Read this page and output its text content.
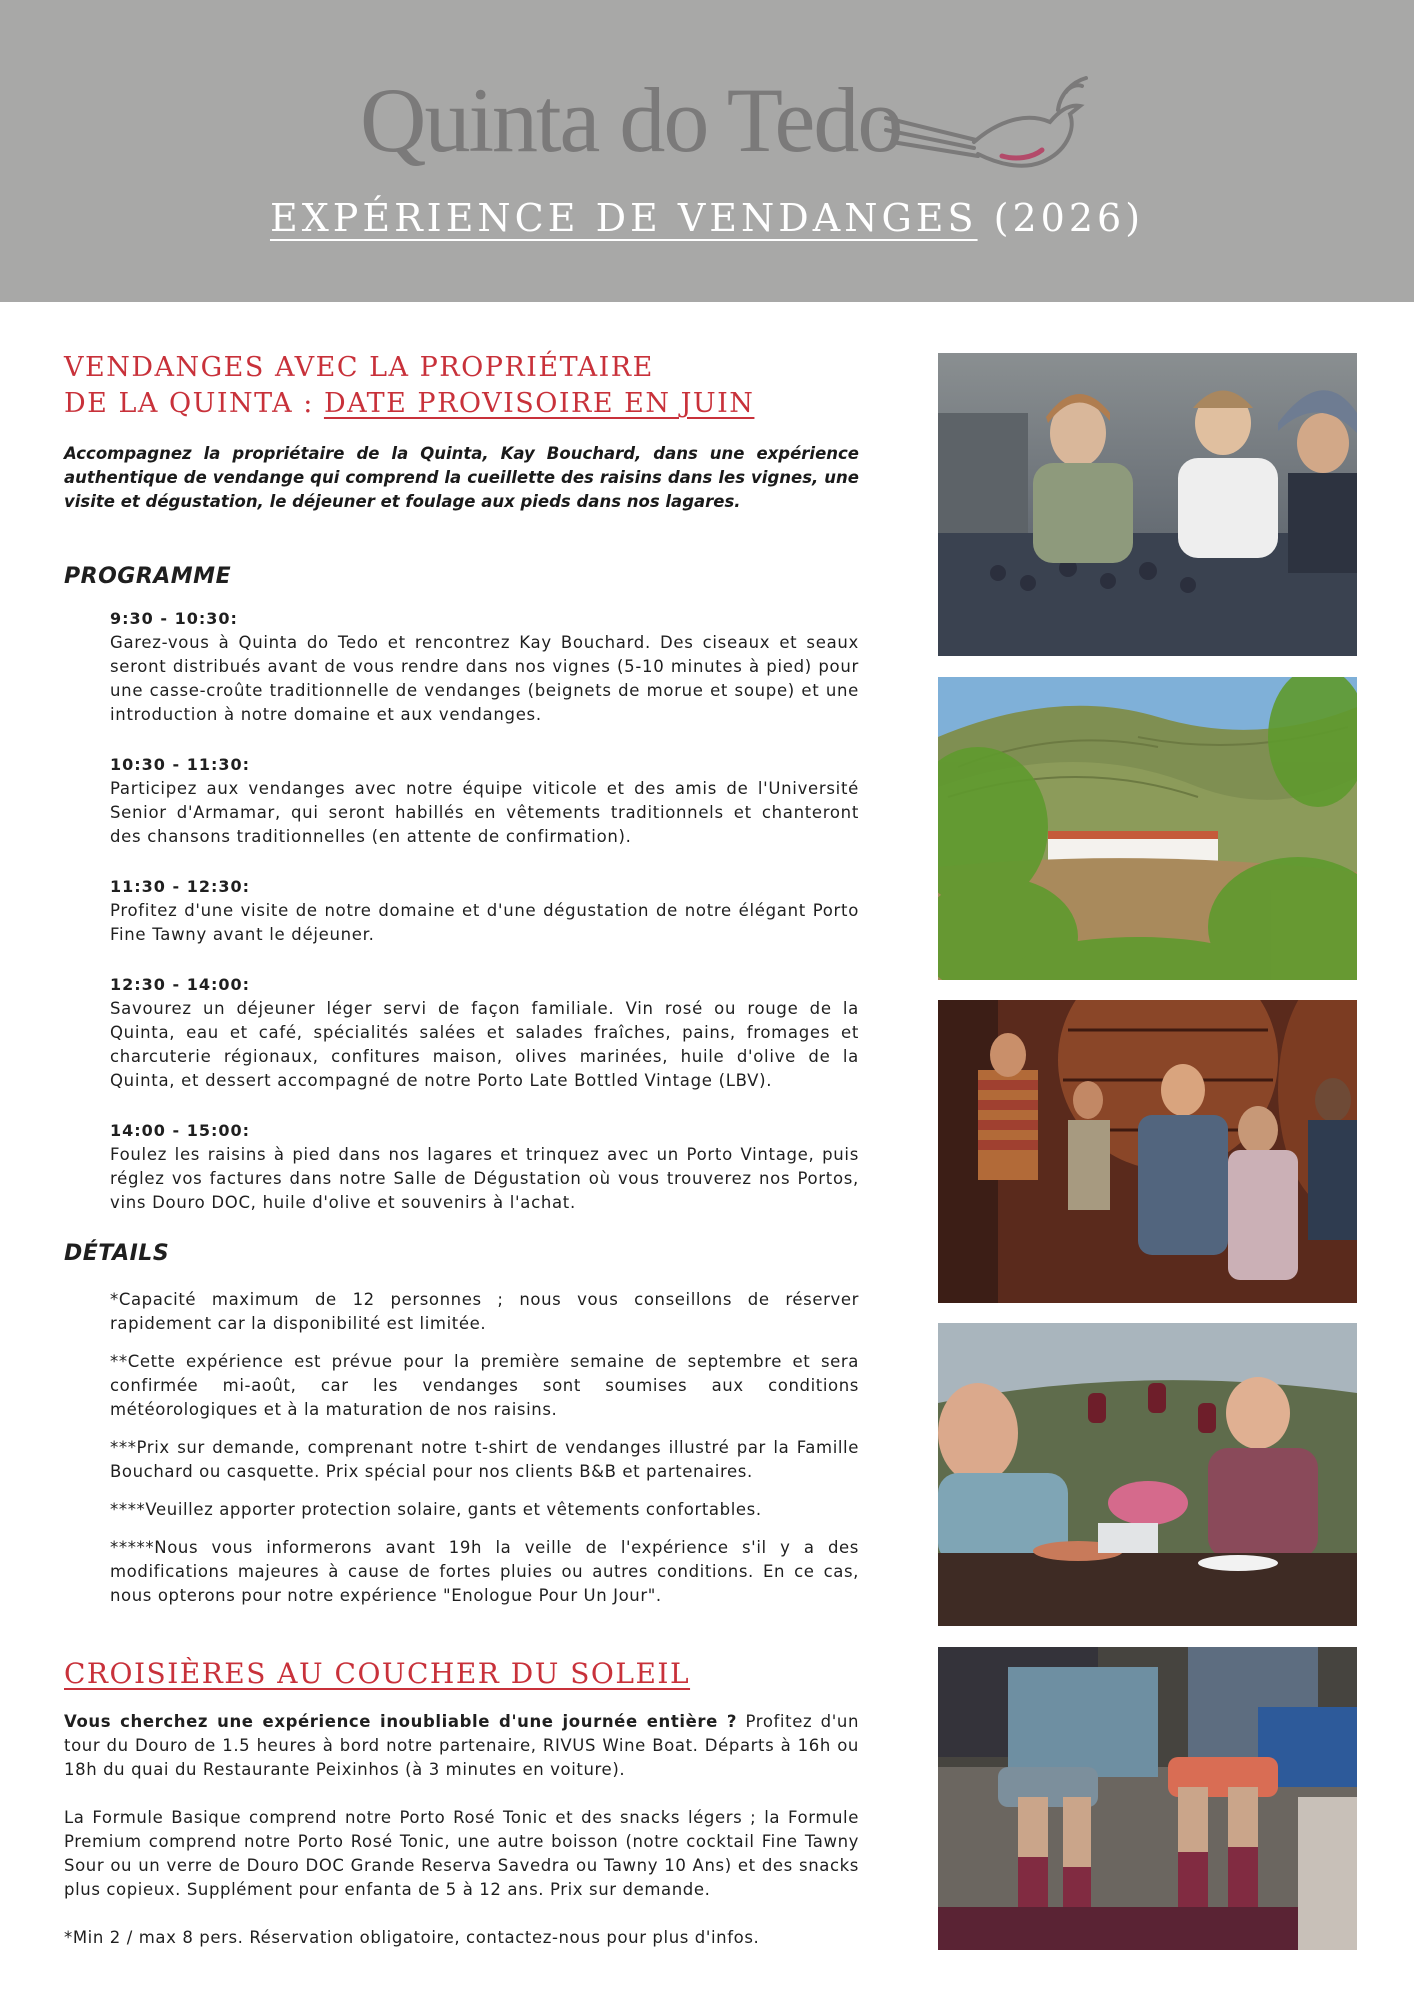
Quinta do Tedo
EXPÉRIENCE DE VENDANGES (2026)
VENDANGES AVEC LA PROPRIÉTAIRE
DE LA QUINTA : DATE PROVISOIRE EN JUIN

Accompagnez la propriétaire de la Quinta, Kay Bouchard, dans une expérience authentique de vendange qui comprend la cueillette des raisins dans les vignes, une visite et dégustation, le déjeuner et foulage aux pieds dans nos lagares.

PROGRAMME
9:30 - 10:30:
Garez-vous à Quinta do Tedo et rencontrez Kay Bouchard. Des ciseaux et seaux seront distribués avant de vous rendre dans nos vignes (5-10 minutes à pied) pour une casse-croûte traditionnelle de vendanges (beignets de morue et soupe) et une introduction à notre domaine et aux vendanges.
10:30 - 11:30:
Participez aux vendanges avec notre équipe viticole et des amis de l'Université Senior d'Armamar, qui seront habillés en vêtements traditionnels et chanteront des chansons traditionnelles (en attente de confirmation).
11:30 - 12:30:
Profitez d'une visite de notre domaine et d'une dégustation de notre élégant Porto Fine Tawny avant le déjeuner.
12:30 - 14:00:
Savourez un déjeuner léger servi de façon familiale. Vin rosé ou rouge de la Quinta, eau et café, spécialités salées et salades fraîches, pains, fromages et charcuterie régionaux, confitures maison, olives marinées, huile d'olive de la Quinta, et dessert accompagné de notre Porto Late Bottled Vintage (LBV).
14:00 - 15:00:
Foulez les raisins à pied dans nos lagares et trinquez avec un Porto Vintage, puis réglez vos factures dans notre Salle de Dégustation où vous trouverez nos Portos, vins Douro DOC, huile d'olive et souvenirs à l'achat.
DÉTAILS
*Capacité maximum de 12 personnes ; nous vous conseillons de réserver rapidement car la disponibilité est limitée.
**Cette expérience est prévue pour la première semaine de septembre et sera confirmée mi-août, car les vendanges sont soumises aux conditions météorologiques et à la maturation de nos raisins.
***Prix sur demande, comprenant notre t-shirt de vendanges illustré par la Famille Bouchard ou casquette. Prix spécial pour nos clients B&B et partenaires.
****Veuillez apporter protection solaire, gants et vêtements confortables.
*****Nous vous informerons avant 19h la veille de l'expérience s'il y a des modifications majeures à cause de fortes pluies ou autres conditions. En ce cas, nous opterons pour notre expérience "Enologue Pour Un Jour".
CROISIÈRES AU COUCHER DU SOLEIL

Vous cherchez une expérience inoubliable d'une journée entière ? Profitez d'un tour du Douro de 1.5 heures à bord notre partenaire, RIVUS Wine Boat. Départs à 16h ou 18h du quai du Restaurante Peixinhos (à 3 minutes en voiture).

La Formule Basique comprend notre Porto Rosé Tonic et des snacks légers ; la Formule Premium comprend notre Porto Rosé Tonic, une autre boisson (notre cocktail Fine Tawny Sour ou un verre de Douro DOC Grande Reserva Savedra ou Tawny 10 Ans) et des snacks plus copieux. Supplément pour enfanta de 5 à 12 ans. Prix sur demande.

*Min 2 / max 8 pers. Réservation obligatoire, contactez-nous pour plus d'infos.
